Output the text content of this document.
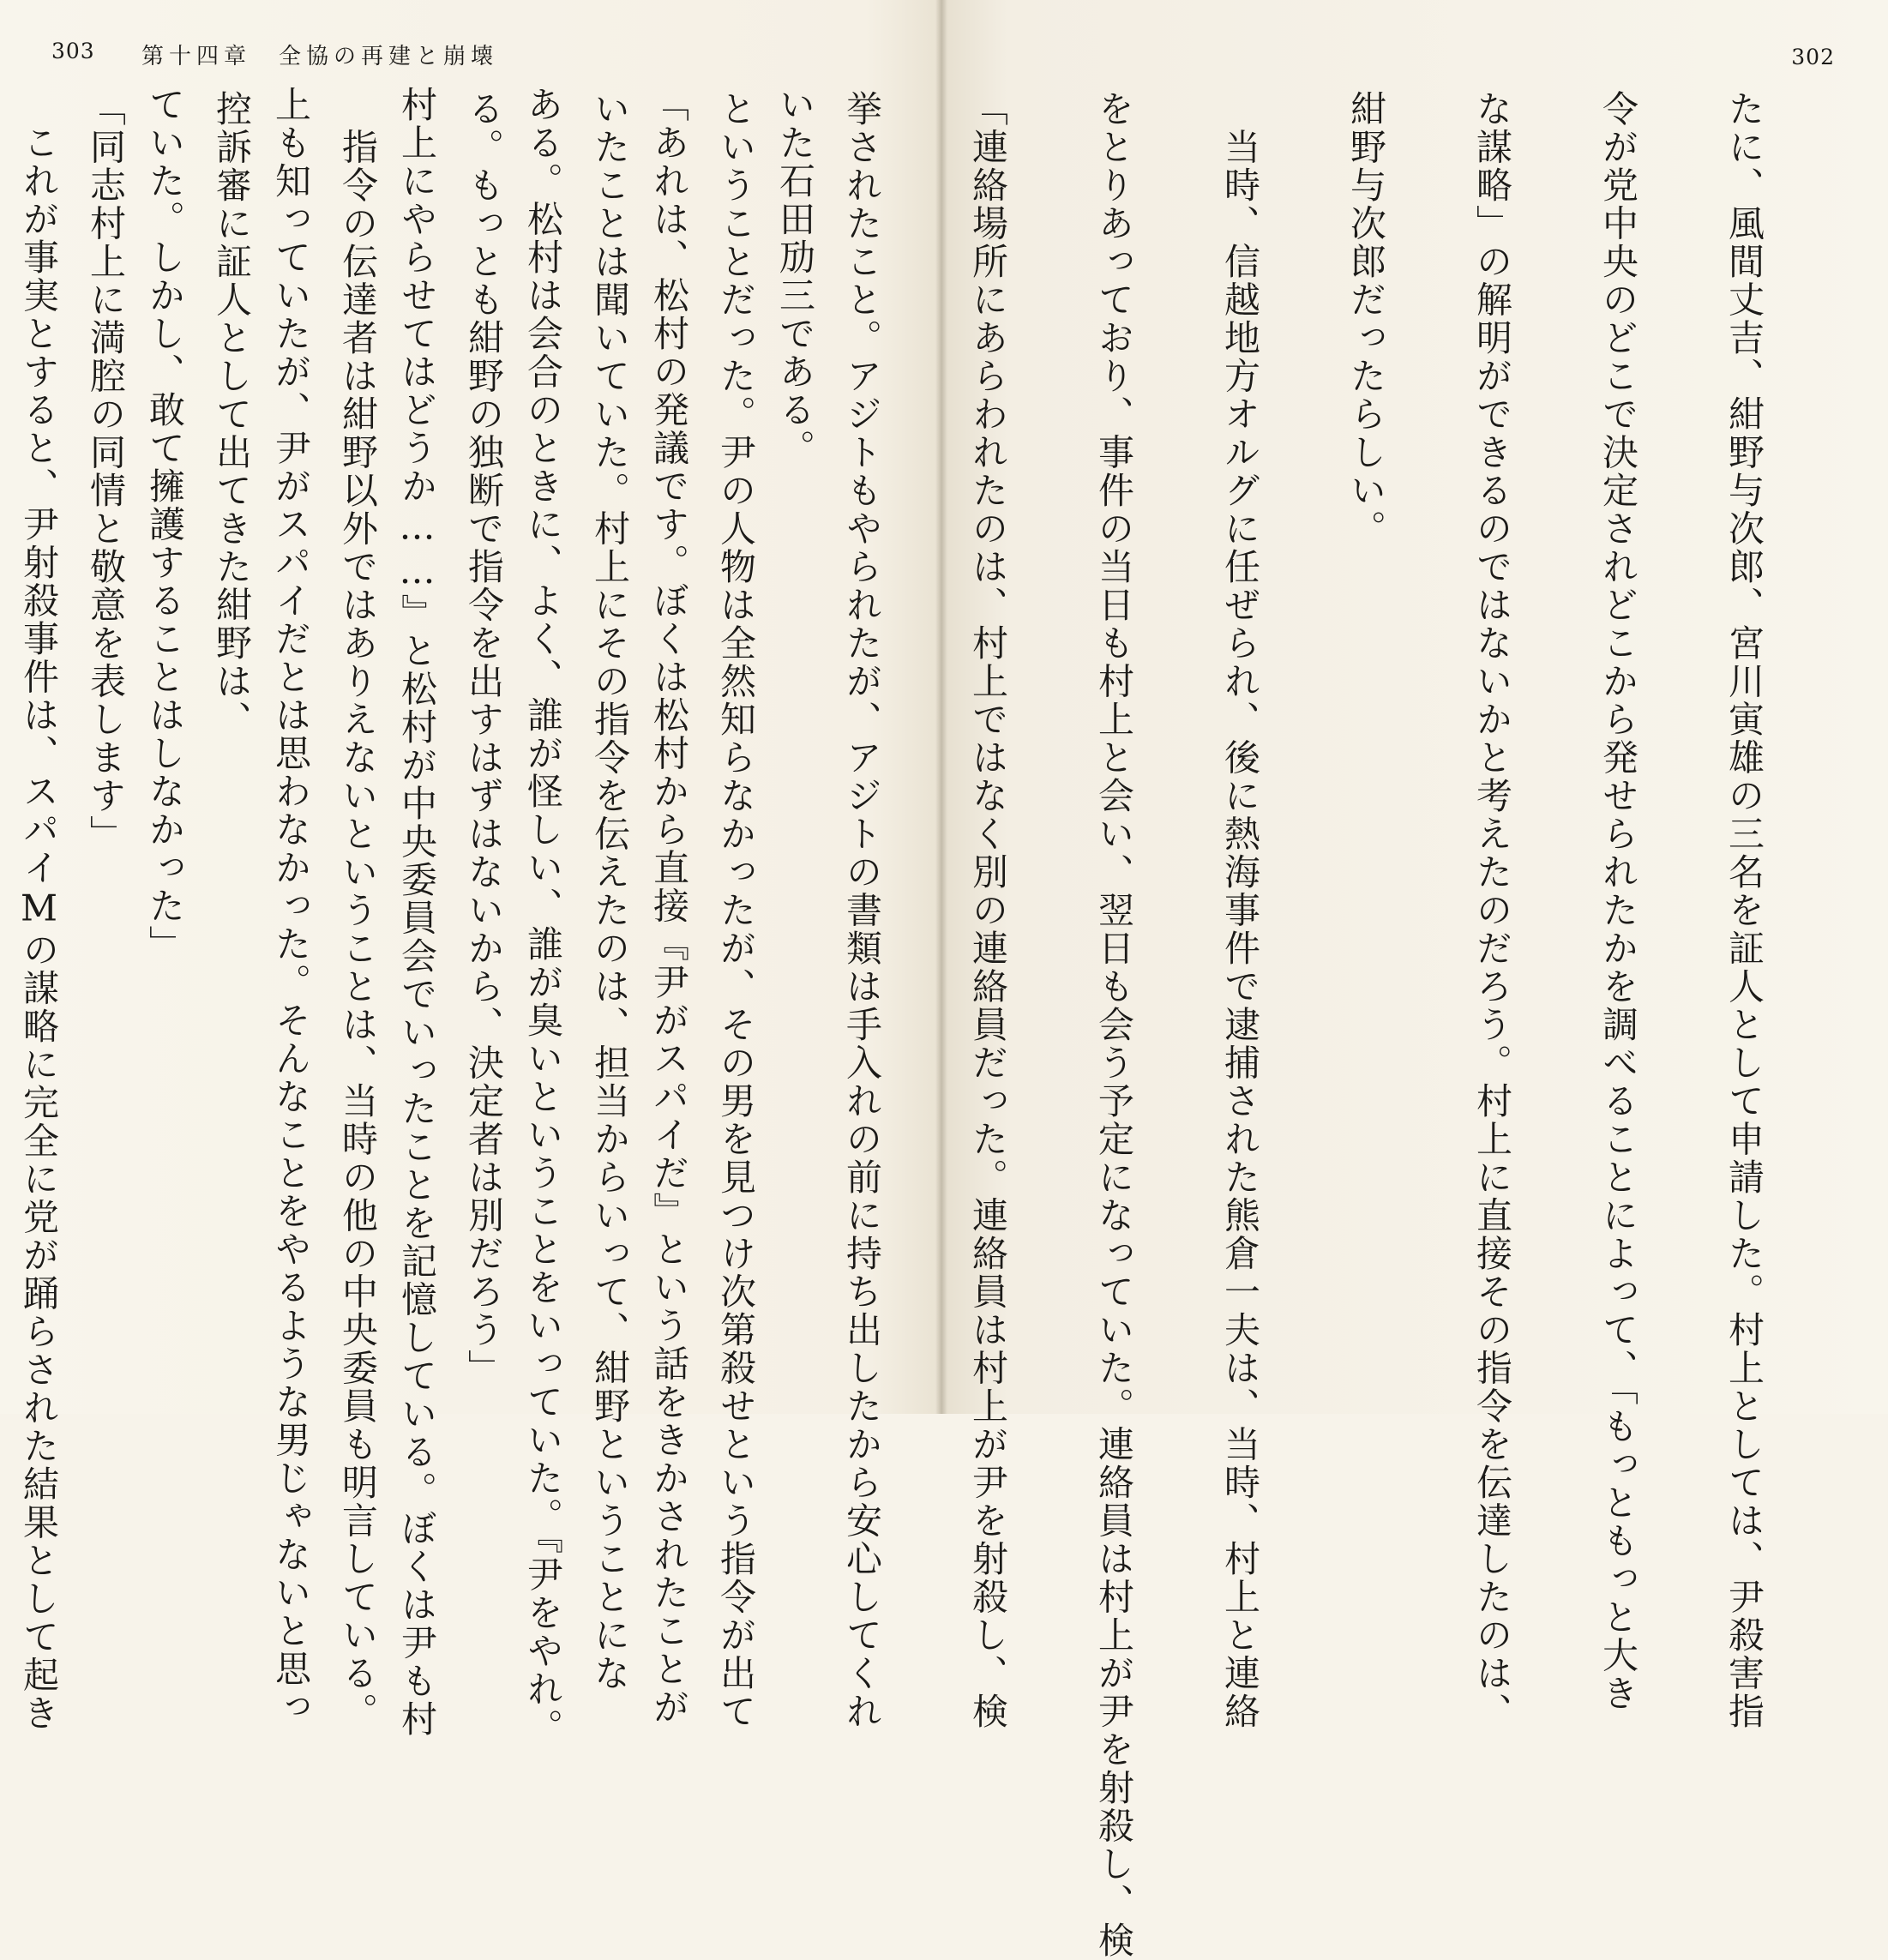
303 第十四章　全協の再建と崩壊

いた石田劢三である。

「あれは、松村の発議です。ぼくは松村から直接『尹がスパイだ』という話をきかされたことが

ある。松村は会合のときに、よく、誰が怪しい、誰が臭いということをいっていた。『尹をやれ。

村上にやらせてはどうか……』と松村が中央委員会でいったことを記憶している。ぼくは尹も村

上も知っていたが、尹がスパイだとは思わなかった。そんなことをやるような男じゃないと思っ

ていた。しかし、敢て擁護することはしなかった」

　これが事実とすると、尹射殺事件は、スパイMの謀略に完全に党が踊らされた結果として起き

302

たに、風間丈吉、紺野与次郎、宮川寅雄の三名を証人として申請した。村上としては、尹殺害指

令が党中央のどこで決定されどこから発せられたかを調べることによって、「もっともっと大き

な謀略」の解明ができるのではないかと考えたのだろう。村上に直接その指令を伝達したのは、

紺野与次郎だったらしい。

　当時、信越地方オルグに任ぜられ、後に熱海事件で逮捕された熊倉一夫は、当時、村上と連絡

をとりあっており、事件の当日も村上と会い、翌日も会う予定になっていた。連絡員は村上が尹を射殺し、検

「連絡場所にあらわれたのは、村上ではなく別の連絡員だった。連絡員は村上が尹を射殺し、検

挙されたこと。アジトもやられたが、アジトの書類は手入れの前に持ち出したから安心してくれ

ということだった。尹の人物は全然知らなかったが、その男を見つけ次第殺せという指令が出て

いたことは聞いていた。村上にその指令を伝えたのは、担当からいって、紺野ということにな

る。もっとも紺野の独断で指令を出すはずはないから、決定者は別だろう」

　指令の伝達者は紺野以外ではありえないということは、当時の他の中央委員も明言している。

控訴審に証人として出てきた紺野は、

「同志村上に満腔の同情と敬意を表します」
